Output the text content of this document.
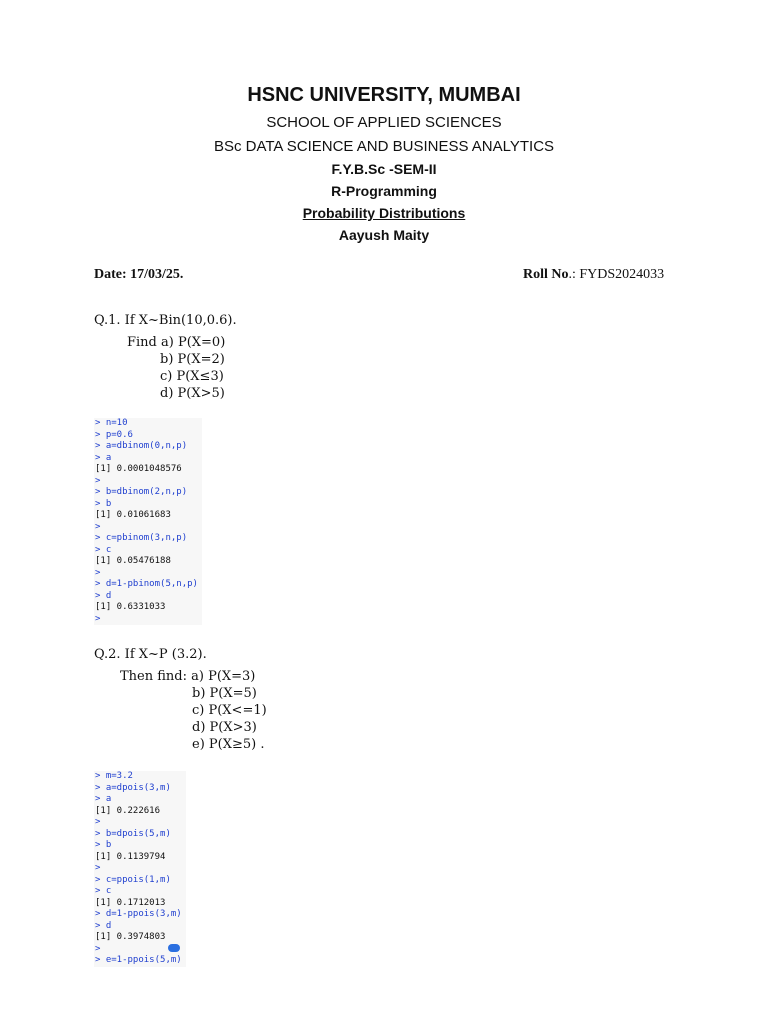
HSNC UNIVERSITY, MUMBAI
SCHOOL OF APPLIED SCIENCES
BSc DATA SCIENCE AND BUSINESS ANALYTICS
F.Y.B.Sc -SEM-II
R-Programming
Probability Distributions
Aayush Maity
Date: 17/03/25.	Roll No.: FYDS2024033
Q.1. If X~Bin(10,0.6).
Find a) P(X=0)
b) P(X=2)
c) P(X≤3)
d) P(X>5)
> n=10
> p=0.6
> a=dbinom(0,n,p)
> a
[1] 0.0001048576
>
> b=dbinom(2,n,p)
> b
[1] 0.01061683
>
> c=pbinom(3,n,p)
> c
[1] 0.05476188
>
> d=1-pbinom(5,n,p)
> d
[1] 0.6331033
>
Q.2. If X~P (3.2).
Then find: a) P(X=3)
b) P(X=5)
c) P(X<=1)
d) P(X>3)
e) P(X≥5) .
> m=3.2
> a=dpois(3,m)
> a
[1] 0.222616
>
> b=dpois(5,m)
> b
[1] 0.1139794
>
> c=ppois(1,m)
> c
[1] 0.1712013
> d=1-ppois(3,m)
> d
[1] 0.3974803
>
> e=1-ppois(5,m)
